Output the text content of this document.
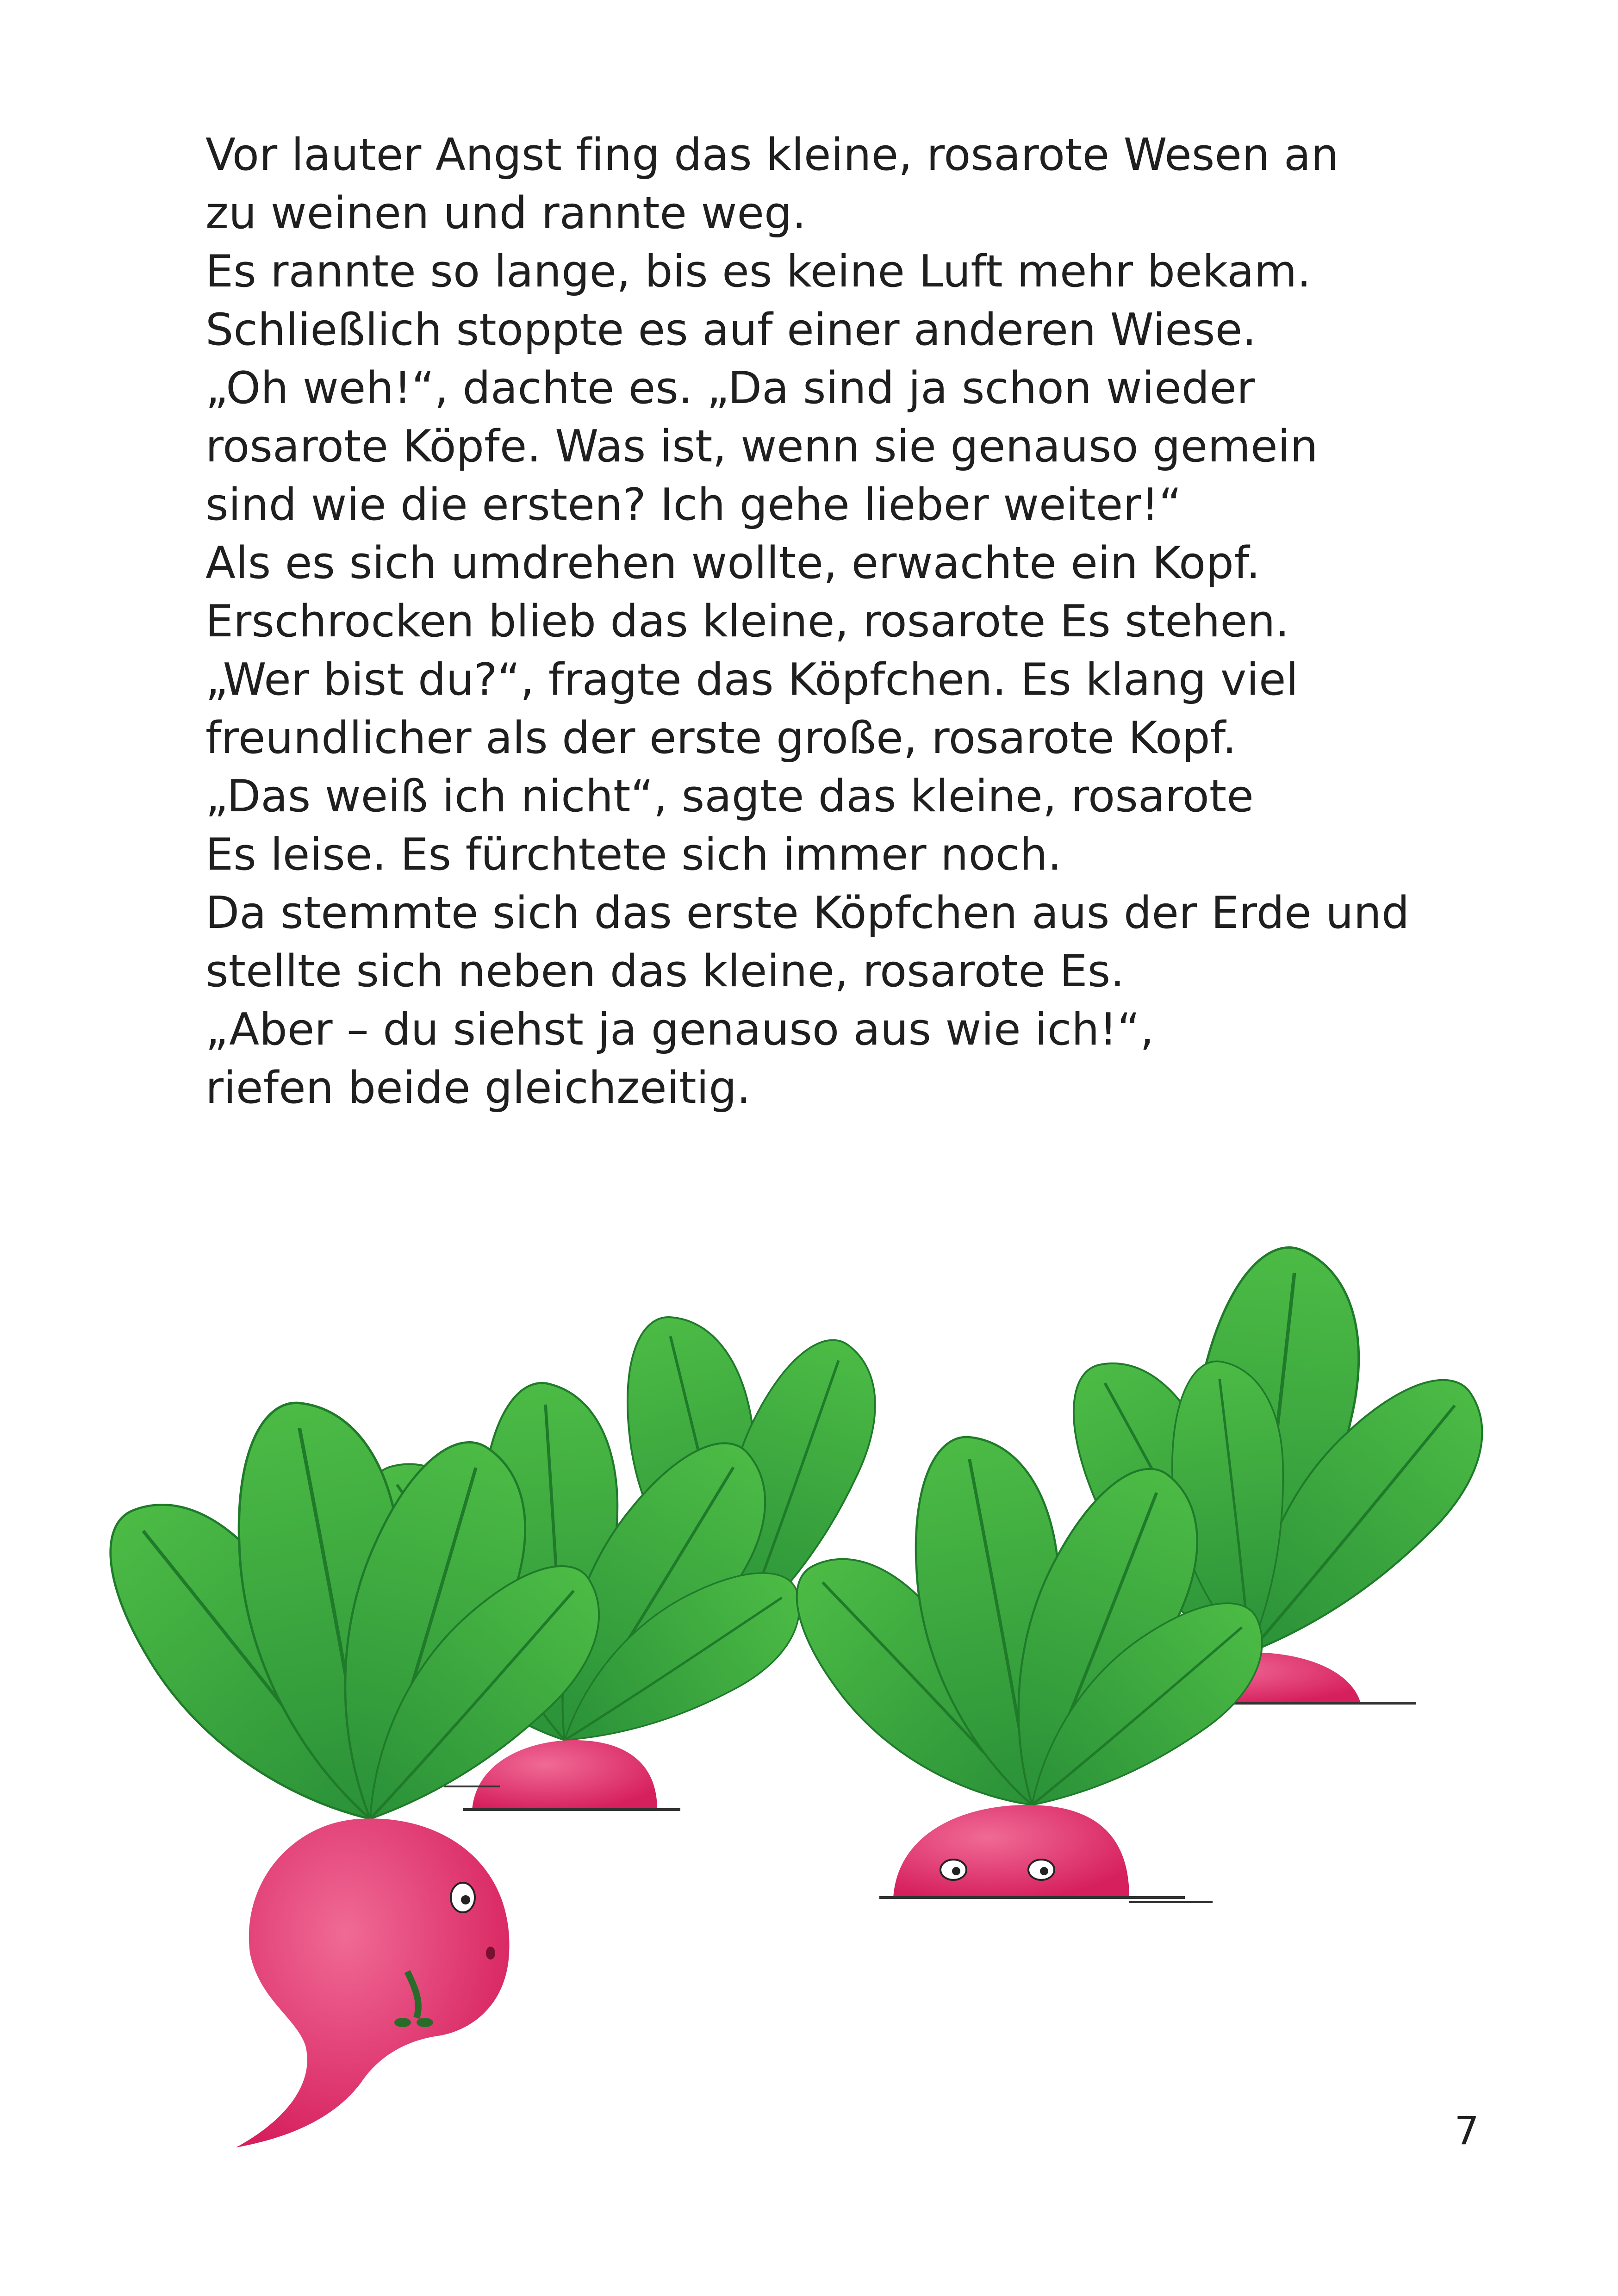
Vor lauter Angst fing das kleine, rosarote Wesen an
zu weinen und rannte weg.
Es rannte so lange, bis es keine Luft mehr bekam.
Schließlich stoppte es auf einer anderen Wiese.
„Oh weh!“, dachte es. „Da sind ja schon wieder
rosarote Köpfe. Was ist, wenn sie genauso gemein
sind wie die ersten? Ich gehe lieber weiter!“
Als es sich umdrehen wollte, erwachte ein Kopf.
Erschrocken blieb das kleine, rosarote Es stehen.
„Wer bist du?“, fragte das Köpfchen. Es klang viel
freundlicher als der erste große, rosarote Kopf.
„Das weiß ich nicht“, sagte das kleine, rosarote
Es leise. Es fürchtete sich immer noch.
Da stemmte sich das erste Köpfchen aus der Erde und
stellte sich neben das kleine, rosarote Es.
„Aber – du siehst ja genauso aus wie ich!“,
riefen beide gleichzeitig.
7
